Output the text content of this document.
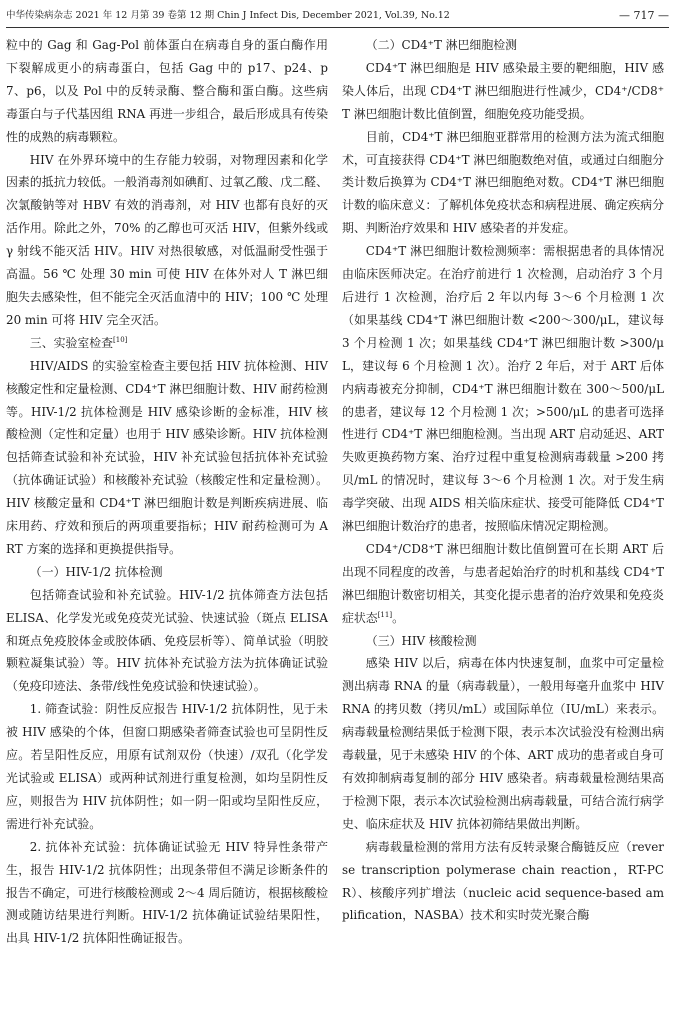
中华传染病杂志 2021 年 12 月第 39 卷第 12 期 Chin J Infect Dis, December 2021, Vol.39, No.12	— 717 —

粒中的 Gag 和 Gag-Pol 前体蛋白在病毒自身的蛋白酶作用下裂解成更小的病毒蛋白，包括 Gag 中的 p17、p24、p7、p6，以及 Pol 中的反转录酶、整合酶和蛋白酶。这些病毒蛋白与子代基因组 RNA 再进一步组合，最后形成具有传染性的成熟的病毒颗粒。

HIV 在外界环境中的生存能力较弱，对物理因素和化学因素的抵抗力较低。一般消毒剂如碘酊、过氧乙酸、戊二醛、次氯酸钠等对 HBV 有效的消毒剂，对 HIV 也都有良好的灭活作用。除此之外，70% 的乙醇也可灭活 HIV，但紫外线或 γ 射线不能灭活 HIV。HIV 对热很敏感，对低温耐受性强于高温。56 ℃ 处理 30 min 可使 HIV 在体外对人 T 淋巴细胞失去感染性，但不能完全灭活血清中的 HIV；100 ℃ 处理 20 min 可将 HIV 完全灭活。

三、实验室检查[10]

HIV/AIDS 的实验室检查主要包括 HIV 抗体检测、HIV 核酸定性和定量检测、CD4⁺T 淋巴细胞计数、HIV 耐药检测等。HIV-1/2 抗体检测是 HIV 感染诊断的金标准，HIV 核酸检测（定性和定量）也用于 HIV 感染诊断。HIV 抗体检测包括筛查试验和补充试验，HIV 补充试验包括抗体补充试验（抗体确证试验）和核酸补充试验（核酸定性和定量检测）。HIV 核酸定量和 CD4⁺T 淋巴细胞计数是判断疾病进展、临床用药、疗效和预后的两项重要指标；HIV 耐药检测可为 ART 方案的选择和更换提供指导。

（一）HIV-1/2 抗体检测

包括筛查试验和补充试验。HIV-1/2 抗体筛查方法包括 ELISA、化学发光或免疫荧光试验、快速试验（斑点 ELISA 和斑点免疫胶体金或胶体硒、免疫层析等）、简单试验（明胶颗粒凝集试验）等。HIV 抗体补充试验方法为抗体确证试验（免疫印迹法、条带/线性免疫试验和快速试验）。

1. 筛查试验：阴性反应报告 HIV-1/2 抗体阴性，见于未被 HIV 感染的个体，但窗口期感染者筛查试验也可呈阴性反应。若呈阳性反应，用原有试剂双份（快速）/双孔（化学发光试验或 ELISA）或两种试剂进行重复检测，如均呈阴性反应，则报告为 HIV 抗体阴性；如一阴一阳或均呈阳性反应，需进行补充试验。

2. 抗体补充试验：抗体确证试验无 HIV 特异性条带产生，报告 HIV-1/2 抗体阴性；出现条带但不满足诊断条件的报告不确定，可进行核酸检测或 2～4 周后随访，根据核酸检测或随访结果进行判断。HIV-1/2 抗体确证试验结果阳性，出具 HIV-1/2 抗体阳性确证报告。

（二）CD4⁺T 淋巴细胞检测

CD4⁺T 淋巴细胞是 HIV 感染最主要的靶细胞，HIV 感染人体后，出现 CD4⁺T 淋巴细胞进行性减少，CD4⁺/CD8⁺T 淋巴细胞计数比值倒置，细胞免疫功能受损。

目前，CD4⁺T 淋巴细胞亚群常用的检测方法为流式细胞术，可直接获得 CD4⁺T 淋巴细胞数绝对值，或通过白细胞分类计数后换算为 CD4⁺T 淋巴细胞绝对数。CD4⁺T 淋巴细胞计数的临床意义：了解机体免疫状态和病程进展、确定疾病分期、判断治疗效果和 HIV 感染者的并发症。

CD4⁺T 淋巴细胞计数检测频率：需根据患者的具体情况由临床医师决定。在治疗前进行 1 次检测，启动治疗 3 个月后进行 1 次检测，治疗后 2 年以内每 3～6 个月检测 1 次（如果基线 CD4⁺T 淋巴细胞计数 <200～300/μL，建议每 3 个月检测 1 次；如果基线 CD4⁺T 淋巴细胞计数 >300/μL，建议每 6 个月检测 1 次）。治疗 2 年后，对于 ART 后体内病毒被充分抑制，CD4⁺T 淋巴细胞计数在 300～500/μL 的患者，建议每 12 个月检测 1 次；>500/μL 的患者可选择性进行 CD4⁺T 淋巴细胞检测。当出现 ART 启动延迟、ART 失败更换药物方案、治疗过程中重复检测病毒载量 >200 拷贝/mL 的情况时，建议每 3～6 个月检测 1 次。对于发生病毒学突破、出现 AIDS 相关临床症状、接受可能降低 CD4⁺T 淋巴细胞计数治疗的患者，按照临床情况定期检测。

CD4⁺/CD8⁺T 淋巴细胞计数比值倒置可在长期 ART 后出现不同程度的改善，与患者起始治疗的时机和基线 CD4⁺T 淋巴细胞计数密切相关，其变化提示患者的治疗效果和免疫炎症状态[11]。

（三）HIV 核酸检测

感染 HIV 以后，病毒在体内快速复制，血浆中可定量检测出病毒 RNA 的量（病毒载量），一般用每毫升血浆中 HIV RNA 的拷贝数（拷贝/mL）或国际单位（IU/mL）来表示。病毒载量检测结果低于检测下限，表示本次试验没有检测出病毒载量，见于未感染 HIV 的个体、ART 成功的患者或自身可有效抑制病毒复制的部分 HIV 感染者。病毒载量检测结果高于检测下限，表示本次试验检测出病毒载量，可结合流行病学史、临床症状及 HIV 抗体初筛结果做出判断。

病毒载量检测的常用方法有反转录聚合酶链反应（reverse transcription polymerase chain reaction，RT-PCR）、核酸序列扩增法（nucleic acid sequence-based amplification，NASBA）技术和实时荧光聚合酶
